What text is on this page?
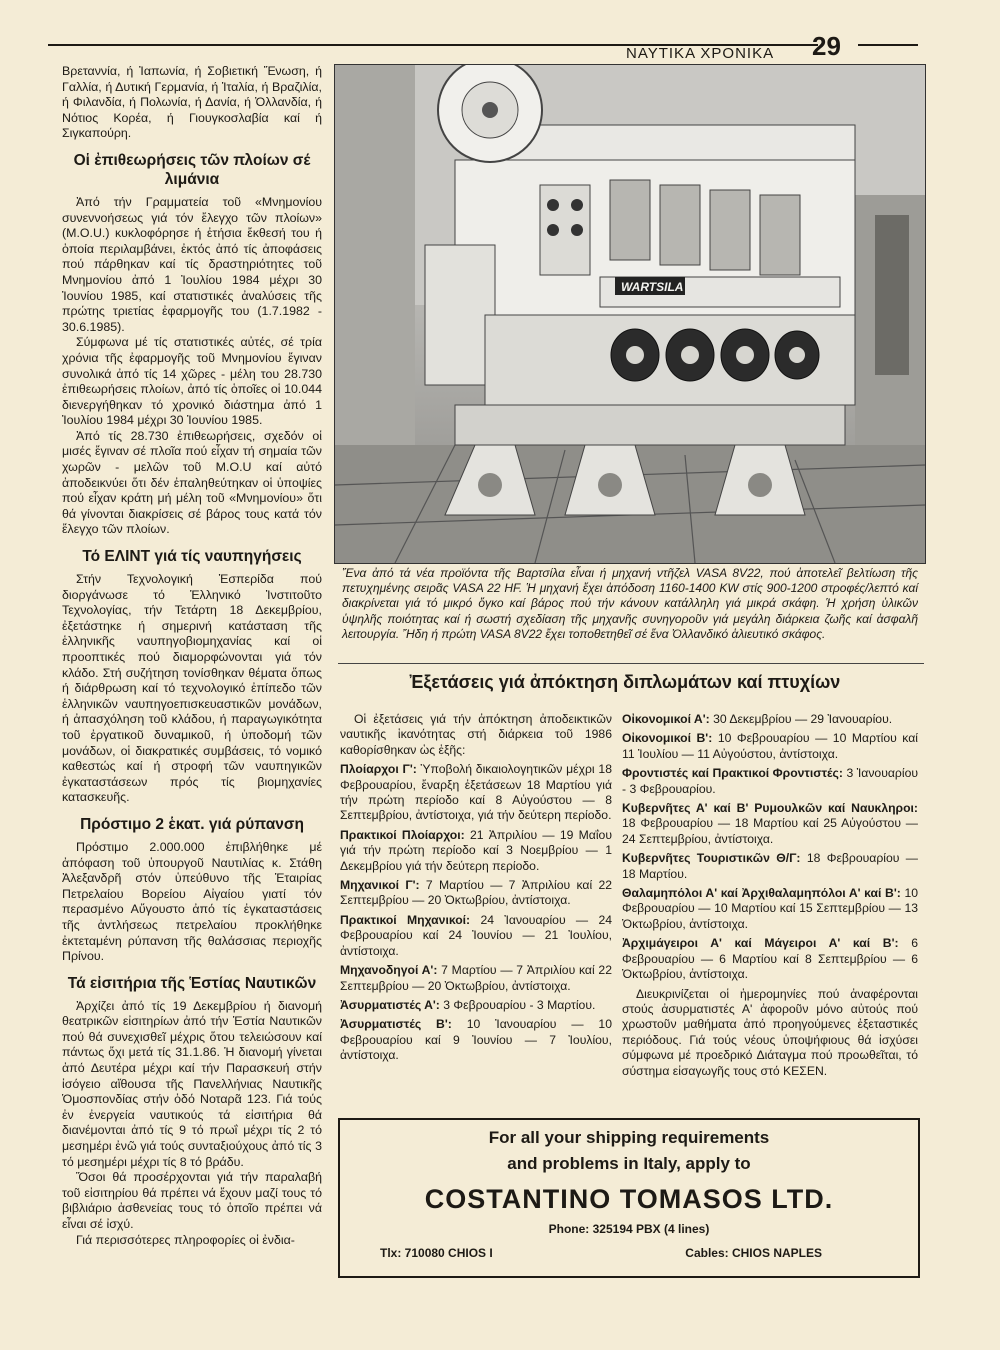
ΝΑΥΤΙΚΑ ΧΡΟΝΙΚΑ 29

Βρεταννία, ή Ἰαπωνία, ή Σοβιετική Ἕνωση, ή Γαλλία, ή Δυτική Γερμανία, ή Ἰταλία, ή Βραζιλία, ή Φιλανδία, ή Πολωνία, ή Δανία, ή Ὀλλανδία, ή Νότιος Κορέα, ή Γιουγκοσλαβία καί ή Σιγκαπούρη.

Οἱ ἐπιθεωρήσεις τῶν πλοίων σέ λιμάνια

Ἀπό τήν Γραμματεία τοῦ «Μνημονίου συνεννοήσεως γιά τόν ἔλεγχο τῶν πλοίων» (M.O.U.) κυκλοφόρησε ή ἐτήσια ἔκθεσή του ή ὁποία περιλαμβάνει, ἐκτός ἀπό τίς ἀποφάσεις πού πάρθηκαν καί τίς δραστηριότητες τοῦ Μνημονίου ἀπό 1 Ἰουλίου 1984 μέχρι 30 Ἰουνίου 1985, καί στατιστικές ἀναλύσεις τῆς πρώτης τριετίας ἐφαρμογῆς του (1.7.1982 - 30.6.1985).

Σύμφωνα μέ τίς στατιστικές αὐτές, σέ τρία χρόνια τῆς ἐφαρμογῆς τοῦ Μνημονίου ἔγιναν συνολικά ἀπό τίς 14 χῶρες - μέλη του 28.730 ἐπιθεωρήσεις πλοίων, ἀπό τίς ὁποῖες οἱ 10.044 διενεργήθηκαν τό χρονικό διάστημα ἀπό 1 Ἰουλίου 1984 μέχρι 30 Ἰουνίου 1985.

Ἀπό τίς 28.730 ἐπιθεωρήσεις, σχεδόν οἱ μισές ἔγιναν σέ πλοῖα πού εἶχαν τή σημαία τῶν χωρῶν - μελῶν τοῦ M.O.U καί αὐτό ἀποδεικνύει ὅτι δέν ἐπαληθεύτηκαν οἱ ὑποψίες πού εἶχαν κράτη μή μέλη τοῦ «Μνημονίου» ὅτι θά γίνονται διακρίσεις σέ βάρος τους κατά τόν ἔλεγχο τῶν πλοίων.

Τό ΕΛΙΝΤ γιά τίς ναυπηγήσεις

Στήν Τεχνολογική Ἑσπερίδα πού διοργάνωσε τό Ἑλληνικό Ἰνστιτοῦτο Τεχνολογίας, τήν Τετάρτη 18 Δεκεμβρίου, ἐξετάστηκε ή σημερινή κατάσταση τῆς ἑλληνικῆς ναυπηγοβιομηχανίας καί οἱ προοπτικές πού διαμορφώνονται γιά τόν κλάδο. Στή συζήτηση τονίσθηκαν θέματα ὅπως ή διάρθρωση καί τό τεχνολογικό ἐπίπεδο τῶν ἑλληνικῶν ναυπηγοεπισκευαστικῶν μονάδων, ή ἀπασχόληση τοῦ κλάδου, ή παραγωγικότητα τοῦ ἐργατικοῦ δυναμικοῦ, ή ὑποδομή τῶν μονάδων, οἱ διακρατικές συμβάσεις, τό νομικό καθεστώς καί ή στροφή τῶν ναυπηγικῶν ἐγκαταστάσεων πρός τίς βιομηχανίες κατασκευῆς.

Πρόστιμο 2 ἑκατ. γιά ρύπανση

Πρόστιμο 2.000.000 ἐπιβλήθηκε μέ ἀπόφαση τοῦ ὑπουργοῦ Ναυτιλίας κ. Στάθη Ἀλεξανδρῆ στόν ὑπεύθυνο τῆς Ἑταιρίας Πετρελαίου Βορείου Αἰγαίου γιατί τόν περασμένο Αὔγουστο ἀπό τίς ἐγκαταστάσεις τῆς ἀντλήσεως πετρελαίου προκλήθηκε ἐκτεταμένη ρύπανση τῆς θαλάσσιας περιοχῆς Πρίνου.

Τά εἰσιτήρια τῆς Ἑστίας Ναυτικῶν

Ἀρχίζει ἀπό τίς 19 Δεκεμβρίου ή διανομή θεατρικῶν εἰσιτηρίων ἀπό τήν Ἑστία Ναυτικῶν πού θά συνεχισθεῖ μέχρις ὅτου τελειώσουν καί πάντως ὄχι μετά τίς 31.1.86. Ἡ διανομή γίνεται ἀπό Δευτέρα μέχρι καί τήν Παρασκευή στήν ἰσόγειο αἴθουσα τῆς Πανελλήνιας Ναυτικῆς Ὁμοσπονδίας στήν ὁδό Νοταρᾶ 123. Γιά τούς ἐν ἐνεργεία ναυτικούς τά εἰσιτήρια θά διανέμονται ἀπό τίς 9 τό πρωΐ μέχρι τίς 2 τό μεσημέρι ἐνῶ γιά τούς συνταξιούχους ἀπό τίς 3 τό μεσημέρι μέχρι τίς 8 τό βράδυ.

Ὅσοι θά προσέρχονται γιά τήν παραλαβή τοῦ εἰσιτηρίου θά πρέπει νά ἔχουν μαζί τους τό βιβλιάριο ἀσθενείας τους τό ὁποῖο πρέπει νά εἶναι σέ ἰσχύ.

Γιά περισσότερες πληροφορίες οἱ ἐνδια-

WARTSILA
Ἕνα ἀπό τά νέα προϊόντα τῆς Βαρτσίλα εἶναι ή μηχανή ντῆζελ VASA 8V22, πού ἀποτελεῖ βελτίωση τῆς πετυχημένης σειρᾶς VASA 22 HF. Ἡ μηχανή ἔχει ἀπόδοση 1160-1400 KW στίς 900-1200 στροφές/λεπτό καί διακρίνεται γιά τό μικρό ὄγκο καί βάρος πού τήν κάνουν κατάλληλη γιά μικρά σκάφη. Ἡ χρήση ὑλικῶν ὑψηλῆς ποιότητας καί ή σωστή σχεδίαση τῆς μηχανῆς συνηγοροῦν γιά μεγάλη διάρκεια ζωῆς καί ἀσφαλῆ λειτουργία. Ἤδη ή πρώτη VASA 8V22 ἔχει τοποθετηθεῖ σέ ἕνα Ὀλλανδικό ἁλιευτικό σκάφος.
Ἐξετάσεις γιά ἀπόκτηση διπλωμάτων καί πτυχίων

Οἱ ἐξετάσεις γιά τήν ἀπόκτηση ἀποδεικτικῶν ναυτικῆς ἱκανότητας στή διάρκεια τοῦ 1986 καθορίσθηκαν ὡς ἑξῆς:

Πλοίαρχοι Γ': Ὑποβολή δικαιολογητικῶν μέχρι 18 Φεβρουαρίου, ἔναρξη ἐξετάσεων 18 Μαρτίου γιά τήν πρώτη περίοδο καί 8 Αὐγούστου — 8 Σεπτεμβρίου, ἀντίστοιχα, γιά τήν δεύτερη περίοδο.

Πρακτικοί Πλοίαρχοι: 21 Ἀπριλίου — 19 Μαΐου γιά τήν πρώτη περίοδο καί 3 Νοεμβρίου — 1 Δεκεμβρίου γιά τήν δεύτερη περίοδο.

Μηχανικοί Γ': 7 Μαρτίου — 7 Ἀπριλίου καί 22 Σεπτεμβρίου — 20 Ὀκτωβρίου, ἀντίστοιχα.

Πρακτικοί Μηχανικοί: 24 Ἰανουαρίου — 24 Φεβρουαρίου καί 24 Ἰουνίου — 21 Ἰουλίου, ἀντίστοιχα.

Μηχανοδηγοί Α': 7 Μαρτίου — 7 Ἀπριλίου καί 22 Σεπτεμβρίου — 20 Ὀκτωβρίου, ἀντίστοιχα.

Ἀσυρματιστές Α': 3 Φεβρουαρίου - 3 Μαρτίου.

Ἀσυρματιστές Β': 10 Ἰανουαρίου — 10 Φεβρουαρίου καί 9 Ἰουνίου — 7 Ἰουλίου, ἀντίστοιχα.

Οἰκονομικοί Α': 30 Δεκεμβρίου — 29 Ἰανουαρίου.

Οἰκονομικοί Β': 10 Φεβρουαρίου — 10 Μαρτίου καί 11 Ἰουλίου — 11 Αὐγούστου, ἀντίστοιχα.

Φροντιστές καί Πρακτικοί Φροντιστές: 3 Ἰανουαρίου - 3 Φεβρουαρίου.

Κυβερνῆτες Α' καί Β' Ρυμουλκῶν καί Ναυκληροι: 18 Φεβρουαρίου — 18 Μαρτίου καί 25 Αὐγούστου — 24 Σεπτεμβρίου, ἀντίστοιχα.

Κυβερνῆτες Τουριστικῶν Θ/Γ: 18 Φεβρουαρίου — 18 Μαρτίου.

Θαλαμηπόλοι Α' καί Ἀρχιθαλαμηπόλοι Α' καί Β': 10 Φεβρουαρίου — 10 Μαρτίου καί 15 Σεπτεμβρίου — 13 Ὀκτωβρίου, ἀντίστοιχα.

Ἀρχιμάγειροι Α' καί Μάγειροι Α' καί Β': 6 Φεβρουαρίου — 6 Μαρτίου καί 8 Σεπτεμβρίου — 6 Ὀκτωβρίου, ἀντίστοιχα.

Διευκρινίζεται οἱ ἡμερομηνίες πού ἀναφέρονται στούς ἀσυρματιστές Α' ἀφοροῦν μόνο αὐτούς πού χρωστοῦν μαθήματα ἀπό προηγούμενες ἐξεταστικές περιόδους. Γιά τούς νέους ὑποψήφιους θά ἰσχύσει σύμφωνα μέ προεδρικό Διάταγμα πού προωθεῖται, τό σύστημα εἰσαγωγῆς τους στό ΚΕΣΕΝ.

For all your shipping requirements
and problems in Italy, apply to
COSTANTINO TOMASOS LTD.
Phone: 325194 PBX (4 lines)
Tlx: 710080 CHIOS I	Cables: CHIOS NAPLES
